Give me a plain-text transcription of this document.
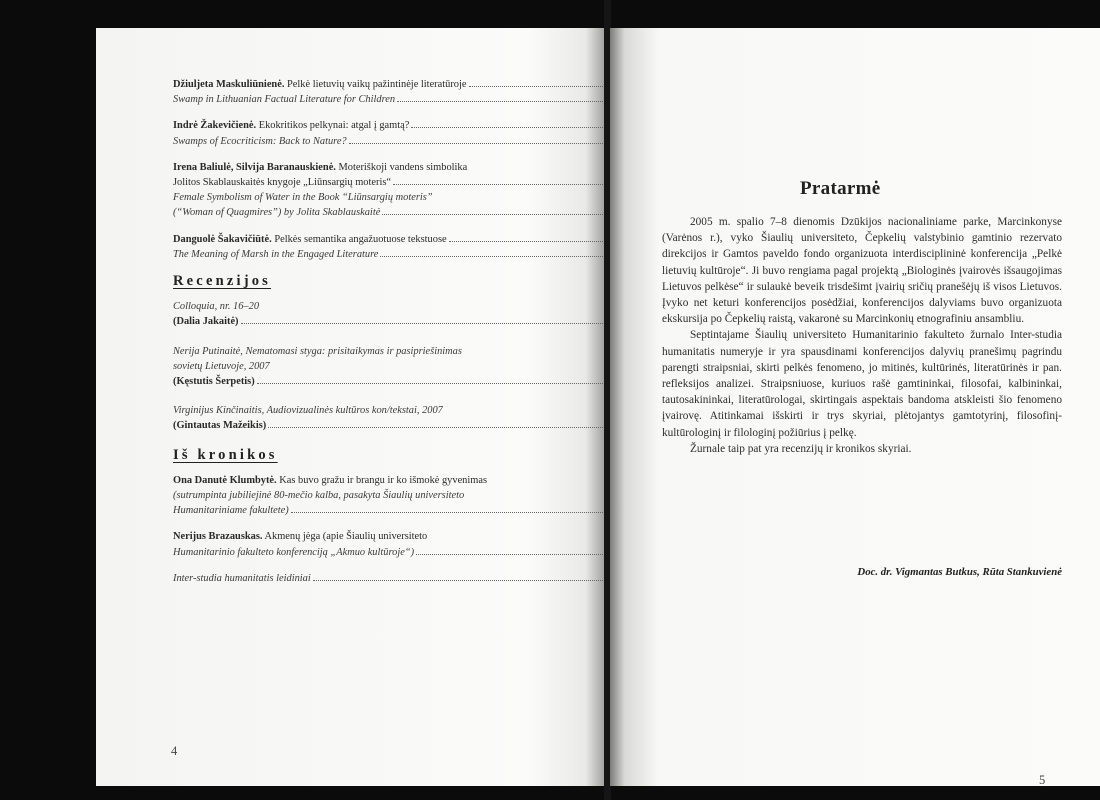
Džiuljeta Maskuliūnienė. Pelkė lietuvių vaikų pažintinėje literatūroje
Swamp in Lithuanian Factual Literature for Children
Indrė Žakevičienė. Ekokritikos pelkynai: atgal į gamtą?
Swamps of Ecocriticism: Back to Nature?
Irena Baliulė, Silvija Baranauskienė. Moteriškoji vandens simbolika
Jolitos Skablauskaitės knygoje „Liūnsargių moteris“
Female Symbolism of Water in the Book “Liūnsargių moteris”
(“Woman of Quagmires”) by Jolita Skablauskaitė
Danguolė Šakavičiūtė. Pelkės semantika angažuotuose tekstuose
The Meaning of Marsh in the Engaged Literature
Recenzijos
Colloquia, nr. 16–20
(Dalia Jakaitė)
Nerija Putinaitė, Nematomasi styga: prisitaikymas ir pasipriešinimas
sovietų Lietuvoje, 2007
(Kęstutis Šerpetis)
Virginijus Kinčinaitis, Audiovizualinės kultūros kon/tekstai, 2007
(Gintautas Mažeikis)
Iš kronikos
Ona Danutė Klumbytė. Kas buvo gražu ir brangu ir ko išmokė gyvenimas
(sutrumpinta jubiliejinė 80-mečio kalba, pasakyta Šiaulių universiteto
Humanitariniame fakultete)
Nerijus Brazauskas. Akmenų jėga (apie Šiaulių universiteto
Humanitarinio fakulteto konferenciją „Akmuo kultūroje“)
Inter-studia humanitatis leidiniai
4
Pratarmė

2005 m. spalio 7–8 dienomis Dzūkijos nacionaliniame parke, Marcinkonyse (Varėnos r.), vyko Šiaulių universiteto, Čepkelių valstybinio gamtinio rezervato direkcijos ir Gamtos paveldo fondo organizuota interdisciplininė konferencija „Pelkė lietuvių kultūroje“. Ji buvo rengiama pagal projektą „Biologinės įvairovės išsaugojimas Lietuvos pelkėse“ ir sulaukė beveik trisdešimt įvairių sričių pranešėjų iš visos Lietuvos. Įvyko net keturi konferencijos posėdžiai, konferencijos dalyviams buvo organizuota ekskursija po Čepkelių raistą, vakaronė su Marcinkonių etnografiniu ansambliu.

Septintajame Šiaulių universiteto Humanitarinio fakulteto žurnalo Inter-studia humanitatis numeryje ir yra spausdinami konferencijos dalyvių pranešimų pagrindu parengti straipsniai, skirti pelkės fenomeno, jo mitinės, kultūrinės, literatūrinės ir pan. refleksijos analizei. Straipsniuose, kuriuos rašė gamtininkai, filosofai, kalbininkai, tautosakininkai, literatūrologai, skirtingais aspektais bandoma atskleisti šio fenomeno įvairovę. Atitinkamai išskirti ir trys skyriai, plėtojantys gamtotyrinį, filosofinį-kultūrologinį ir filologinį požiūrius į pelkę.

Žurnale taip pat yra recenzijų ir kronikos skyriai.

Doc. dr. Vigmantas Butkus, Rūta Stankuvienė
5
